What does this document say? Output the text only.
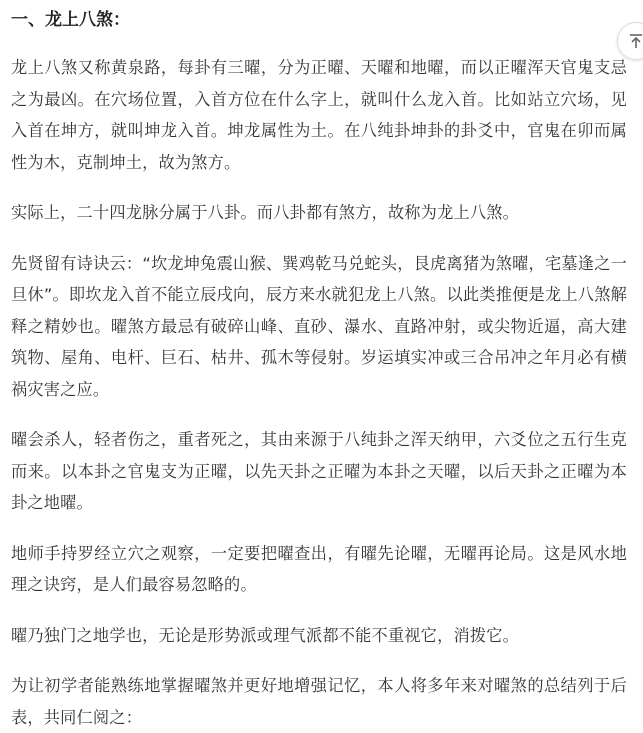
一、龙上八煞：

龙上八煞又称黄泉路，每卦有三曜，分为正曜、天曜和地曜，而以正曜浑天官鬼支忌之为最凶。在穴场位置，入首方位在什么字上，就叫什么龙入首。比如站立穴场，见入首在坤方，就叫坤龙入首。坤龙属性为土。在八纯卦坤卦的卦爻中，官鬼在卯而属性为木，克制坤土，故为煞方。

实际上，二十四龙脉分属于八卦。而八卦都有煞方，故称为龙上八煞。

先贤留有诗诀云：“坎龙坤兔震山猴、巽鸡乾马兑蛇头，艮虎离猪为煞曜，宅墓逢之一旦休”。即坎龙入首不能立辰戌向，辰方来水就犯龙上八煞。以此类推便是龙上八煞解释之精妙也。曜煞方最忌有破碎山峰、直砂、瀑水、直路冲射，或尖物近逼，高大建筑物、屋角、电杆、巨石、枯井、孤木等侵射。岁运填实冲或三合吊冲之年月必有横祸灾害之应。

曜会杀人，轻者伤之，重者死之，其由来源于八纯卦之浑天纳甲，六爻位之五行生克而来。以本卦之官鬼支为正曜，以先天卦之正曜为本卦之天曜，以后天卦之正曜为本卦之地曜。

地师手持罗经立穴之观察，一定要把曜查出，有曜先论曜，无曜再论局。这是风水地理之诀窍，是人们最容易忽略的。

曜乃独门之地学也，无论是形势派或理气派都不能不重视它，消拨它。

为让初学者能熟练地掌握曜煞并更好地增强记忆，本人将多年来对曜煞的总结列于后表，共同仁阅之：
